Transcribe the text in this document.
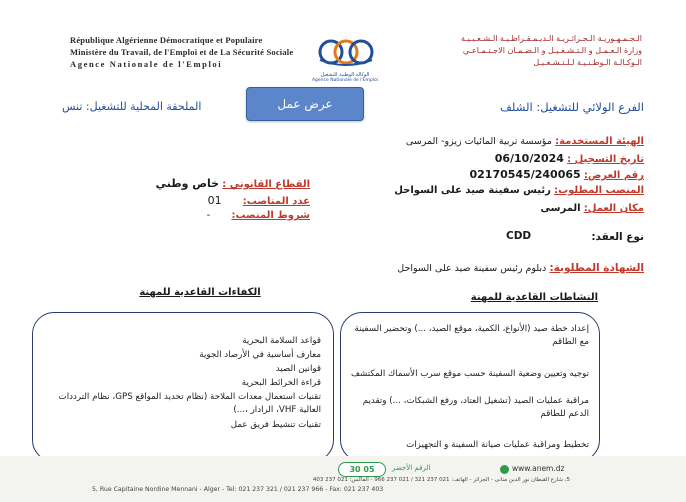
République Algérienne Démocratique et Populaire
Ministère du Travail, de l'Emploi et de La Sécurité Sociale
Agence Nationale de l'Emploi
الـجـمـهـوريـة الـجـزائـريـة الـديـمـقـراطـيـة الـشـعـبـيـة
وزارة الـعـمـل و الـتـشـغـيـل و الـضـمـان الاجـتـمـاعـي
الـوكـالـة الـوطـنـيـة لـلـتـشـغـيـل
الوكالة الوطنية للتشغيل
Agence Nationale de l'Emploi
الفرع الولائي للتشغيل: الشلف
الملحقة المحلية للتشغيل: تنس	عرض عمل
الهيئة المستخدمة: مؤسسة تربية المائيات زيزو- المرسى
تاريخ التسجيل : 06/10/2024
رقم العرض: 02170545/240065
المنصب المطلوب: رئيس سفينة صيد على السواحل
مكان العمل: المرسى
نوع العقد:
CDD
القطاع القانوني : خاص وطني
عدد المناصب: 01
شروط المنصب: -
الشهادة المطلوبة: دبلوم رئيس سفينة صيد على السواحل
النشاطات القاعدية للمهنة
الكفاءات القاعدية للمهنة
إعداد خطة صيد (الأنواع، الكمية، موقع الصيد، ...) وتحضير السفينة مع الطاقم
توجيه وتعيين وضعية السفينة حسب موقع سرب الأسماك المكتشف
مراقبة عمليات الصيد (تشغيل العتاد، ورفع الشبكات، ...) وتقديم الدعم للطاقم
تخطيط ومراقبة عمليات صيانة السفينة و التجهيزات
قواعد السلامة البحرية
معارف أساسية في الأرصاد الجوية
قوانين الصيد
قراءة الخرائط البحرية
تقنيات استعمال معدات الملاحة (نظام تحديد المواقع GPS، نظام الترددات العالية VHF، الرادار ،...)
تقنيات تنشيط فريق عمل
www.anem.dz
30 05	الرقم الأخضر
5، شارع القبطان نور الدين منانى - الجزائر - الهاتف: 021 237 321 / 021 237 966 - الفاكس: 021 237 403
5, Rue Capitaine Nordine Mennani - Alger - Tel: 021 237 321 / 021 237 966 - Fax: 021 237 403
